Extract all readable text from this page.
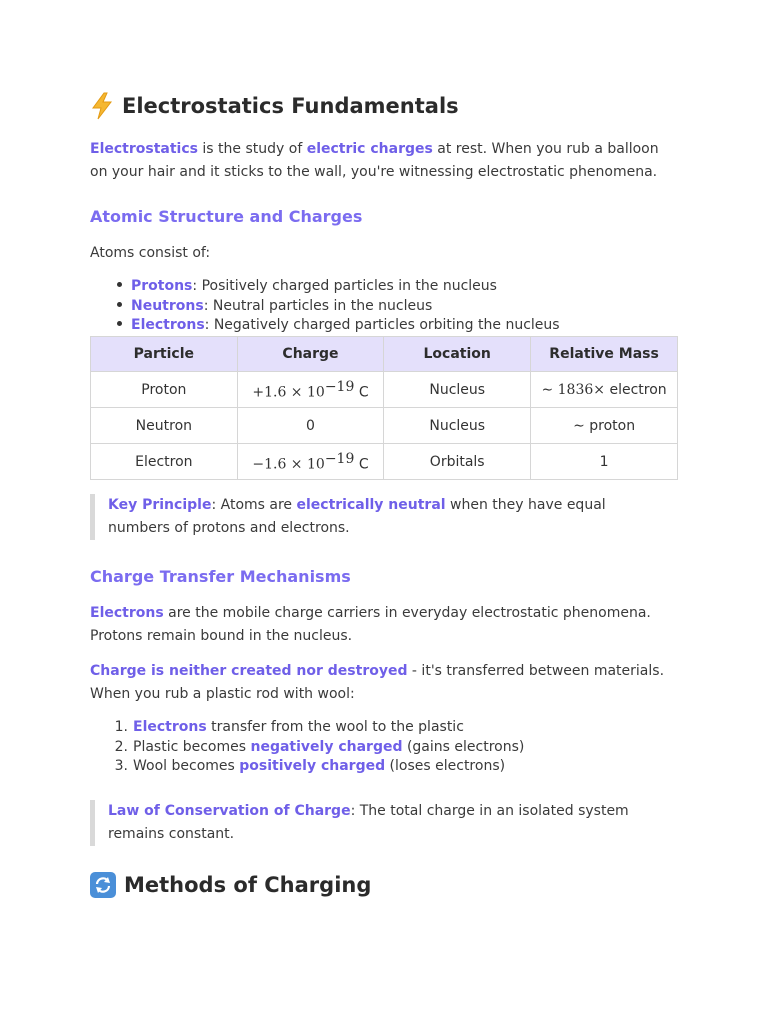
Electrostatics Fundamentals

Electrostatics is the study of electric charges at rest. When you rub a balloon on your hair and it sticks to the wall, you're witnessing electrostatic phenomena.

Atomic Structure and Charges

Atoms consist of:

Protons: Positively charged particles in the nucleus
Neutrons: Neutral particles in the nucleus
Electrons: Negatively charged particles orbiting the nucleus
Particle	Charge	Location	Relative Mass
Proton	$+1.6 \times 10^{-19}$ C	Nucleus	∼ 1836× electron
Neutron	0	Nucleus	∼ proton
Electron	$-1.6 \times 10^{-19}$ C	Orbitals	1
Key Principle: Atoms are electrically neutral when they have equal numbers of protons and electrons.
Charge Transfer Mechanisms

Electrons are the mobile charge carriers in everyday electrostatic phenomena. Protons remain bound in the nucleus.

Charge is neither created nor destroyed - it's transferred between materials. When you rub a plastic rod with wool:

1. Electrons transfer from the wool to the plastic
2. Plastic becomes negatively charged (gains electrons)
3. Wool becomes positively charged (loses electrons)
Law of Conservation of Charge: The total charge in an isolated system remains constant.
Methods of Charging
